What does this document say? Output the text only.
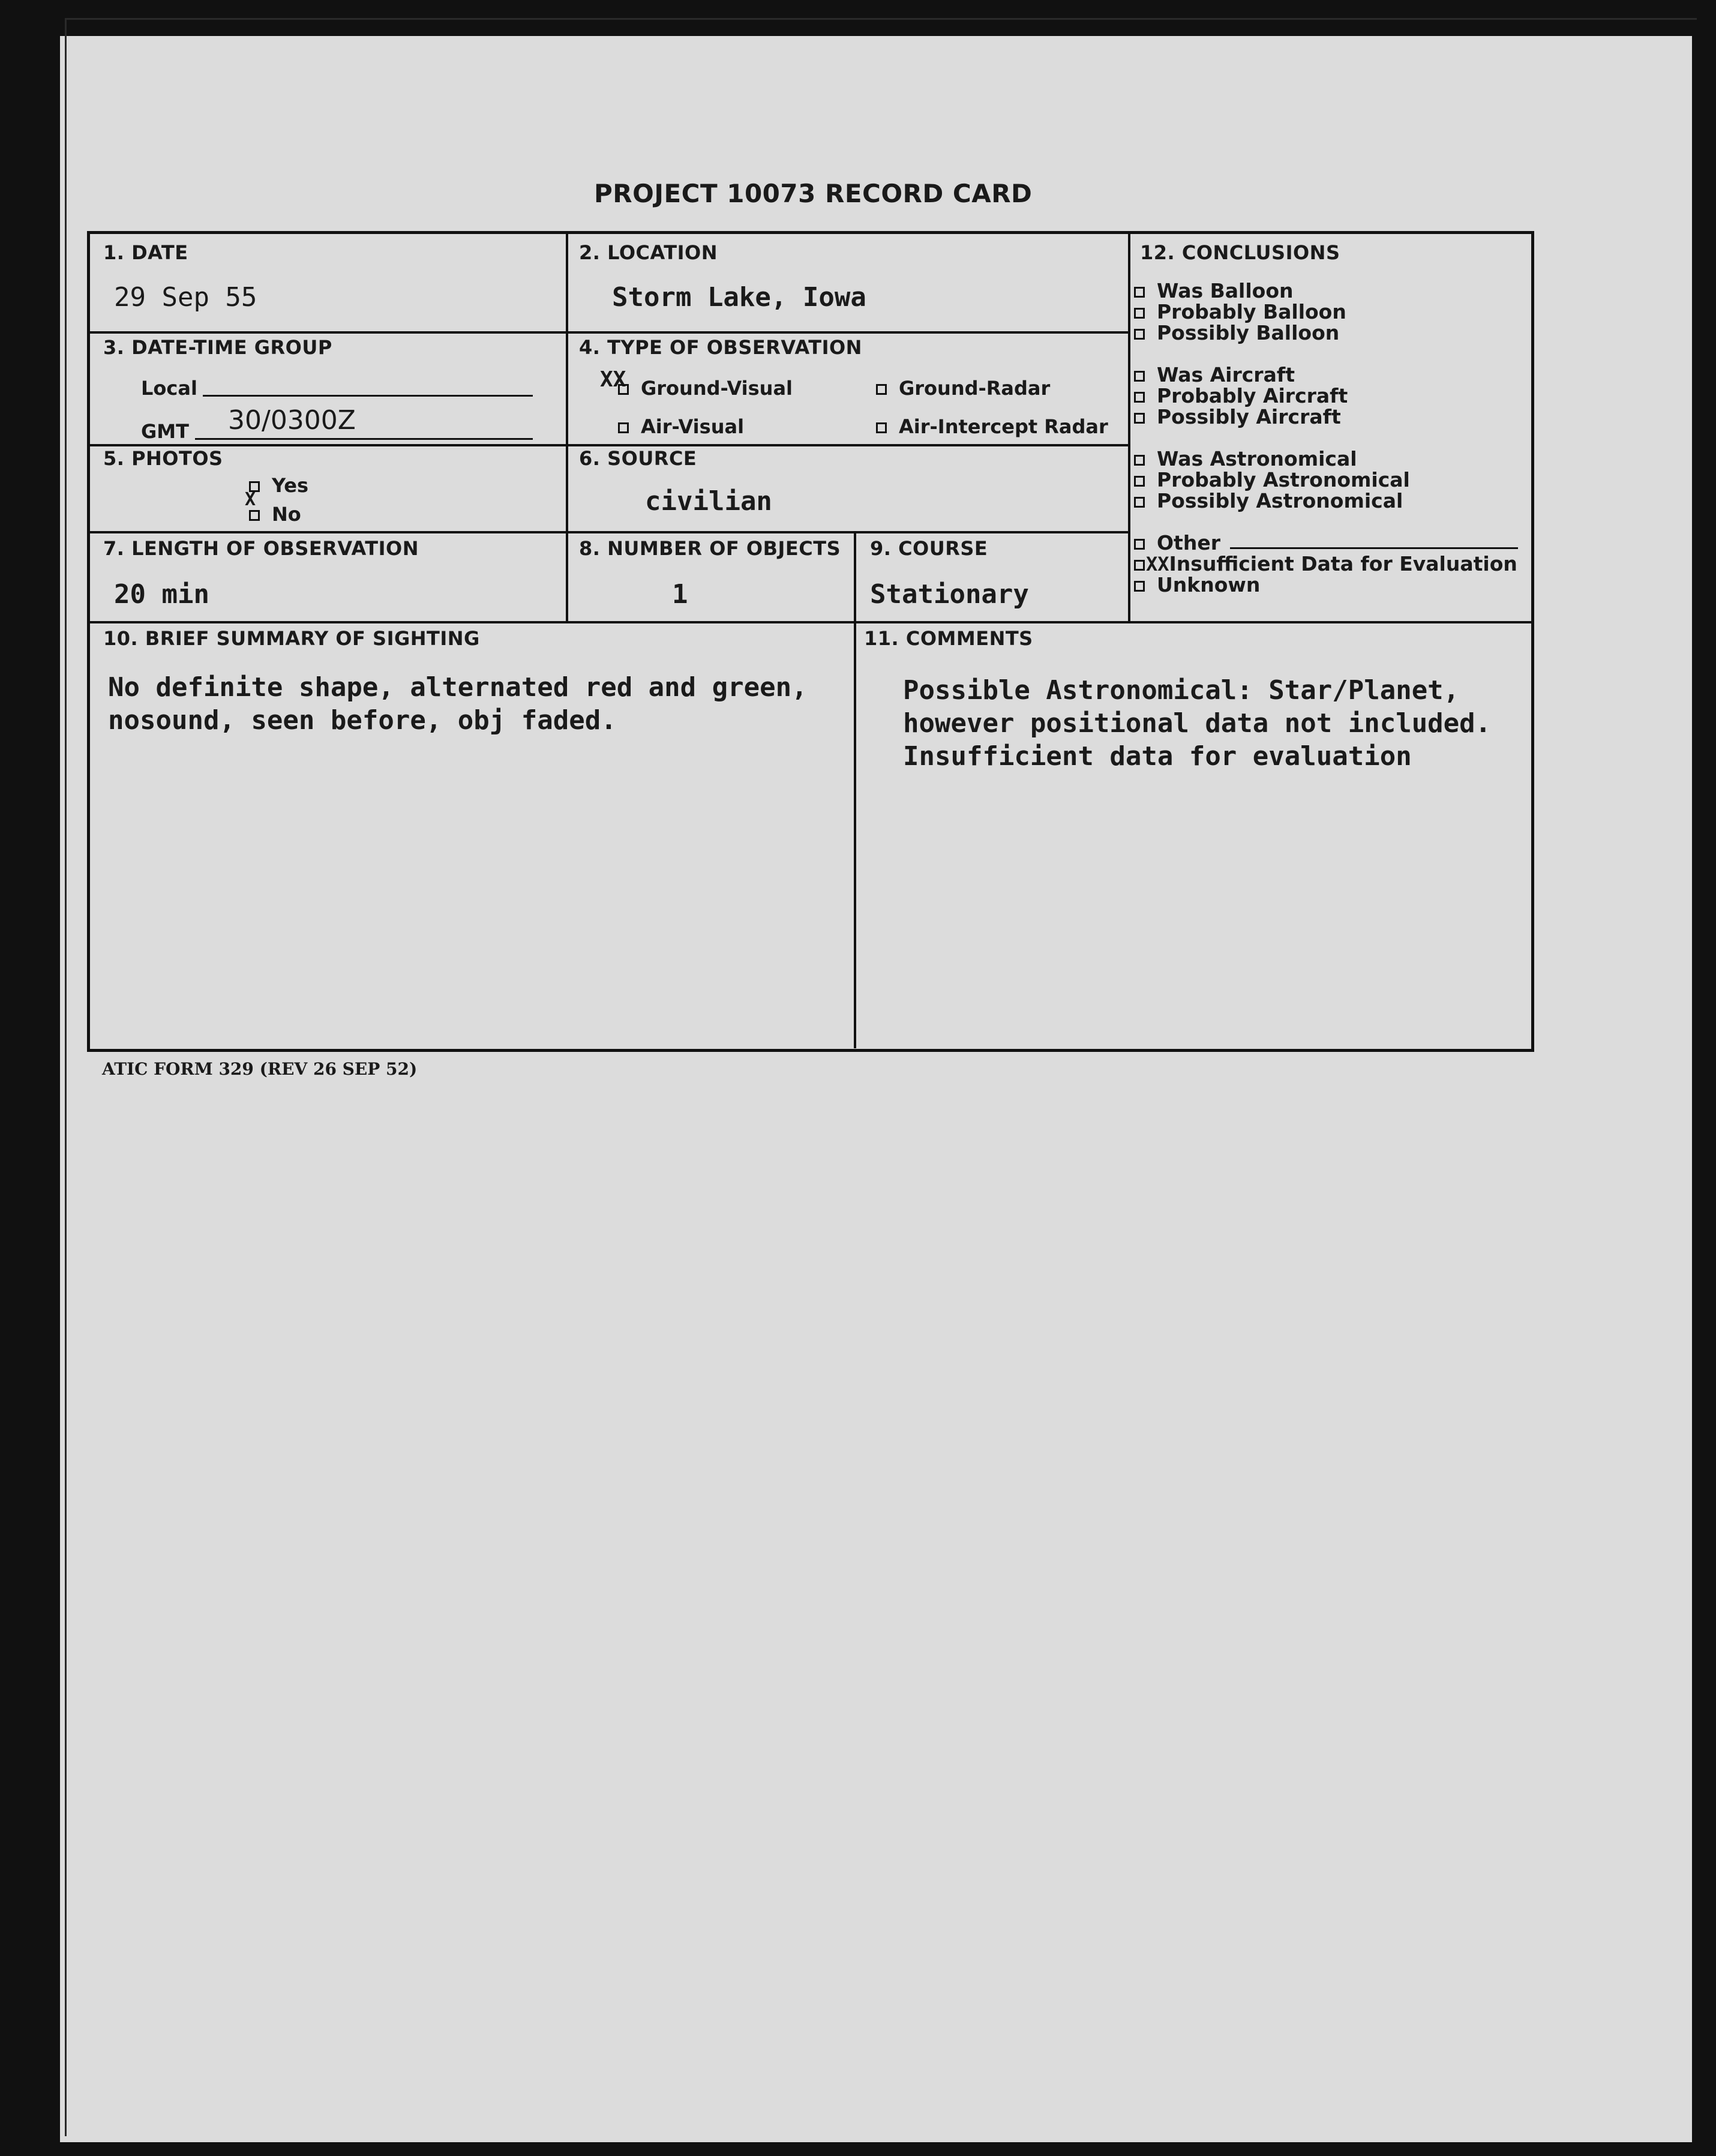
PROJECT 10073 RECORD CARD
1. DATE
29 Sep 55
2. LOCATION
Storm Lake, Iowa
3. DATE-TIME GROUP
Local
GMT 30/0300Z
4. TYPE OF OBSERVATION
XX Ground-Visual	Ground-Radar
Air-Visual	Air-Intercept Radar
5. PHOTOS
Yes
X
No
6. SOURCE
civilian
7. LENGTH OF OBSERVATION
20 min
8. NUMBER OF OBJECTS
1
9. COURSE
Stationary
10. BRIEF SUMMARY OF SIGHTING
No definite shape, alternated red and green,
nosound, seen before, obj faded.
11. COMMENTS
Possible Astronomical: Star/Planet,
however positional data not included.
Insufficient data for evaluation
12. CONCLUSIONS
Was Balloon
Probably Balloon
Possibly Balloon
Was Aircraft
Probably Aircraft
Possibly Aircraft
Was Astronomical
Probably Astronomical
Possibly Astronomical
Other
XXInsufficient Data for Evaluation
Unknown
ATIC FORM 329 (REV 26 SEP 52)
